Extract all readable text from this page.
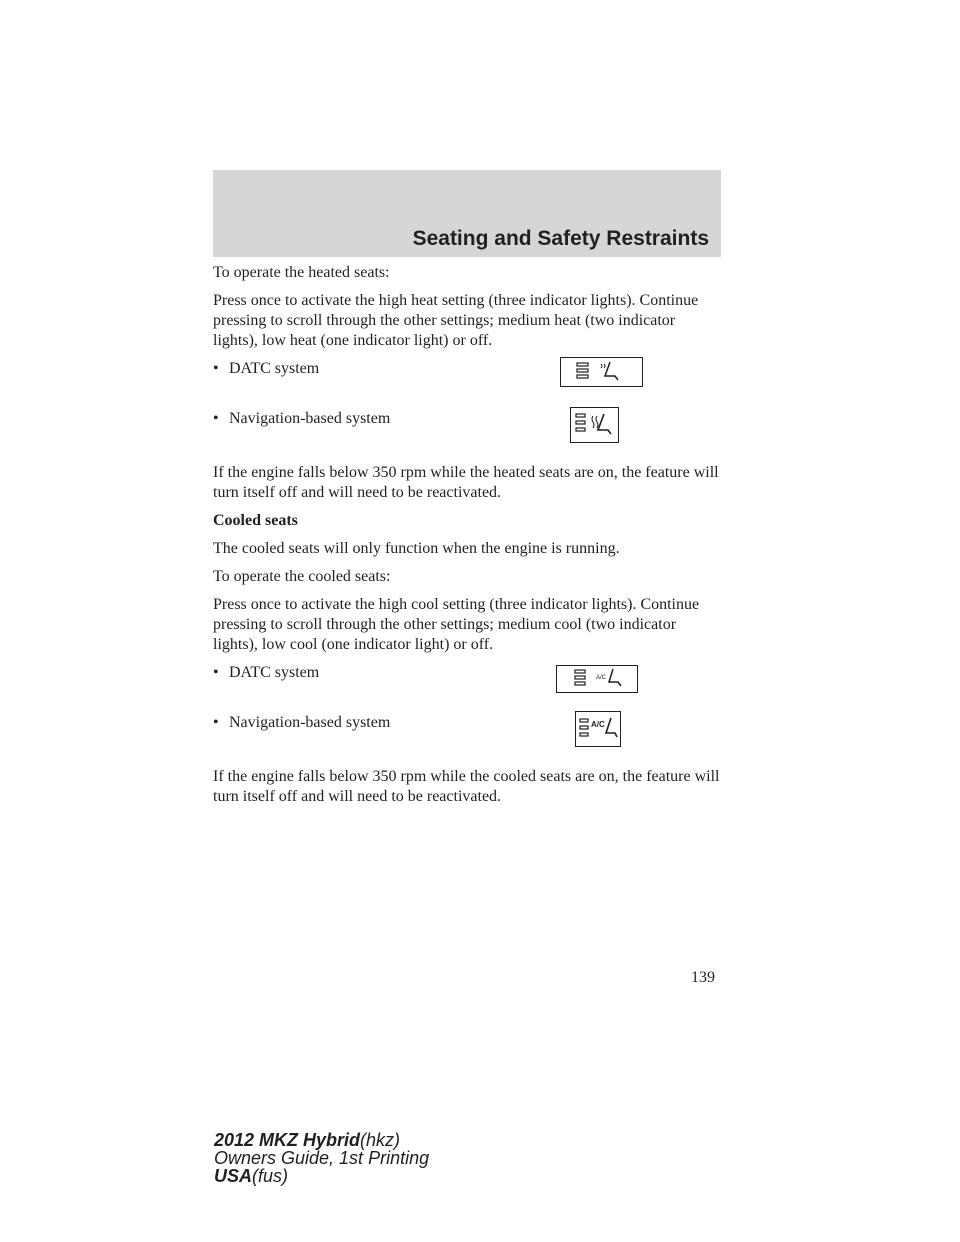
Seating and Safety Restraints

To operate the heated seats:

Press once to activate the high heat setting (three indicator lights). Continue pressing to scroll through the other settings; medium heat (two indicator lights), low heat (one indicator light) or off.

• DATC system
• Navigation-based system

If the engine falls below 350 rpm while the heated seats are on, the feature will turn itself off and will need to be reactivated.

Cooled seats

The cooled seats will only function when the engine is running.

To operate the cooled seats:

Press once to activate the high cool setting (three indicator lights). Continue pressing to scroll through the other settings; medium cool (two indicator lights), low cool (one indicator light) or off.

• DATC system	A/C
• Navigation-based system	A/C

If the engine falls below 350 rpm while the cooled seats are on, the feature will turn itself off and will need to be reactivated.

139
2012 MKZ Hybrid(hkz)
Owners Guide, 1st Printing
USA(fus)
